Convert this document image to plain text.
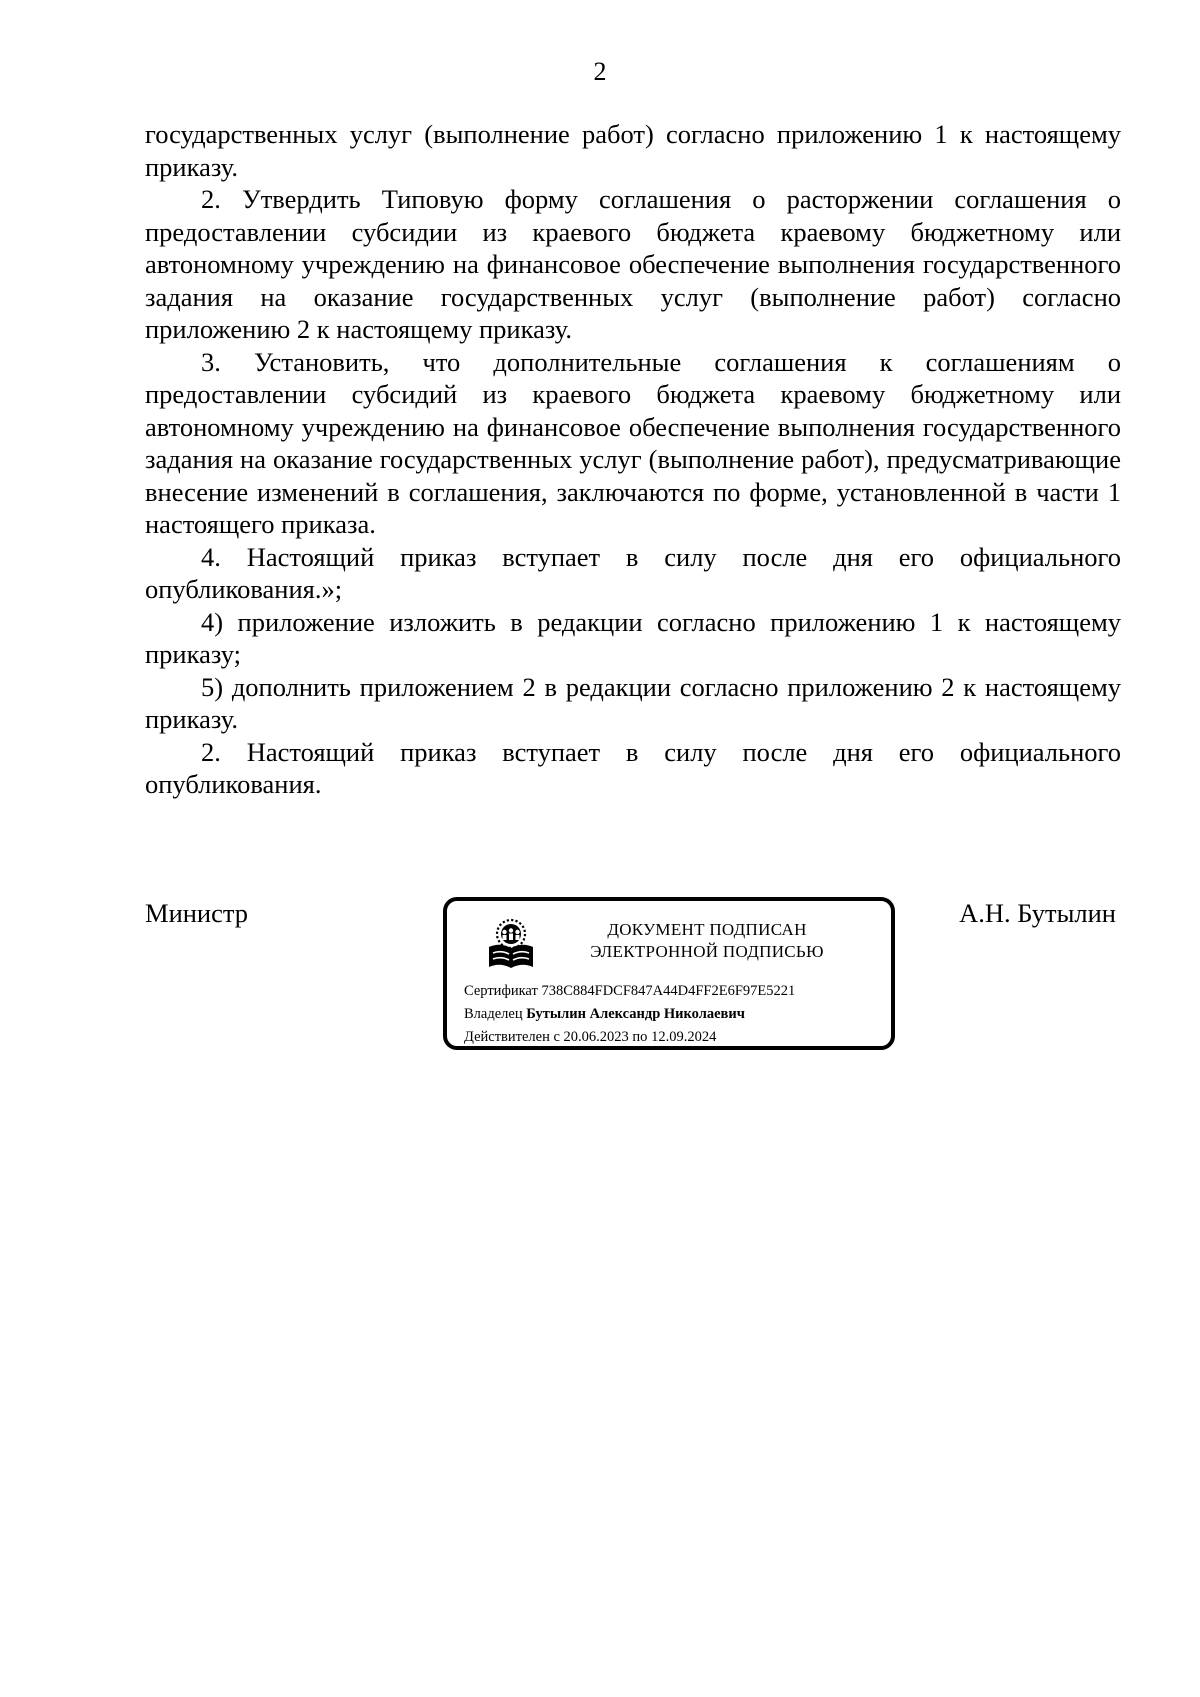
2

государственных услуг (выполнение работ) согласно приложению 1 к настоящему приказу.

2. Утвердить Типовую форму соглашения о расторжении соглашения о предоставлении субсидии из краевого бюджета краевому бюджетному или автономному учреждению на финансовое обеспечение выполнения государственного задания на оказание государственных услуг (выполнение работ) согласно приложению 2 к настоящему приказу.

3. Установить, что дополнительные соглашения к соглашениям о предоставлении субсидий из краевого бюджета краевому бюджетному или автономному учреждению на финансовое обеспечение выполнения государственного задания на оказание государственных услуг (выполнение работ), предусматривающие внесение изменений в соглашения, заключаются по форме, установленной в части 1 настоящего приказа.

4. Настоящий приказ вступает в силу после дня его официального опубликования.»;

4) приложение изложить в редакции согласно приложению 1 к настоящему приказу;

5) дополнить приложением 2 в редакции согласно приложению 2 к настоящему приказу.

2. Настоящий приказ вступает в силу после дня его официального опубликования.

Министр
ДОКУМЕНТ ПОДПИСАН
ЭЛЕКТРОННОЙ ПОДПИСЬЮ
Сертификат 738C884FDCF847A44D4FF2E6F97E5221
Владелец Бутылин Александр Николаевич
Действителен с 20.06.2023 по 12.09.2024
А.Н. Бутылин
